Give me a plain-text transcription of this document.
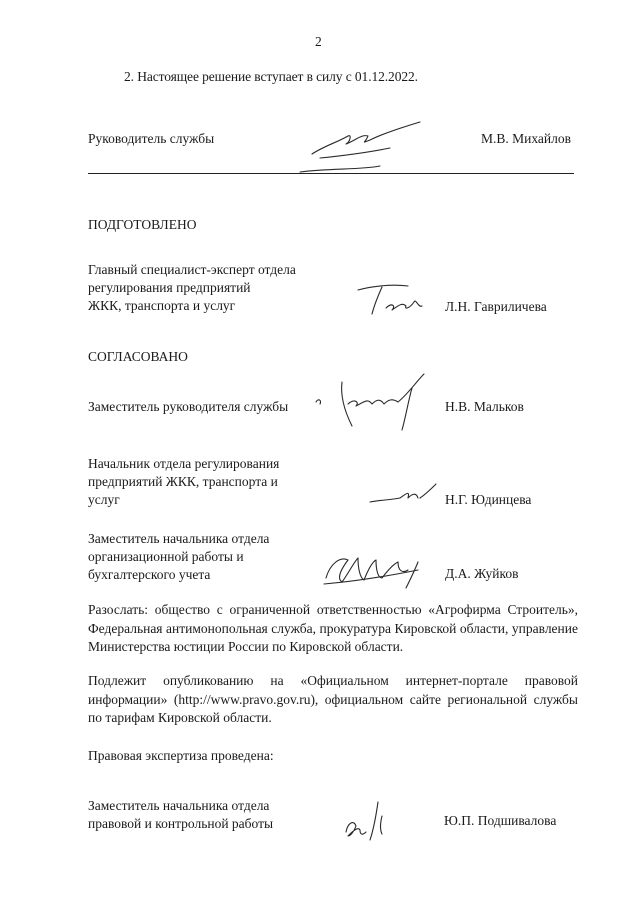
2
2. Настоящее решение вступает в силу с 01.12.2022.
Руководитель службы	М.В. Михайлов
ПОДГОТОВЛЕНО
Главный специалист-эксперт отдела
регулирования предприятий
ЖКК, транспорта и услуг	Л.Н. Гавриличева
СОГЛАСОВАНО
Заместитель руководителя службы	Н.В. Мальков
Начальник отдела регулирования
предприятий ЖКК, транспорта и
услуг	Н.Г. Юдинцева
Заместитель начальника отдела
организационной работы и
бухгалтерского учета	Д.А. Жуйков
Разослать: общество с ограниченной ответственностью «Агрофирма Строитель», Федеральная антимонопольная служба, прокуратура Кировской области, управление Министерства юстиции России по Кировской области.
Подлежит опубликованию на «Официальном интернет-портале правовой информации» (http://www.pravo.gov.ru), официальном сайте региональной службы по тарифам Кировской области.
Правовая экспертиза проведена:
Заместитель начальника отдела
правовой и контрольной работы	Ю.П. Подшивалова
